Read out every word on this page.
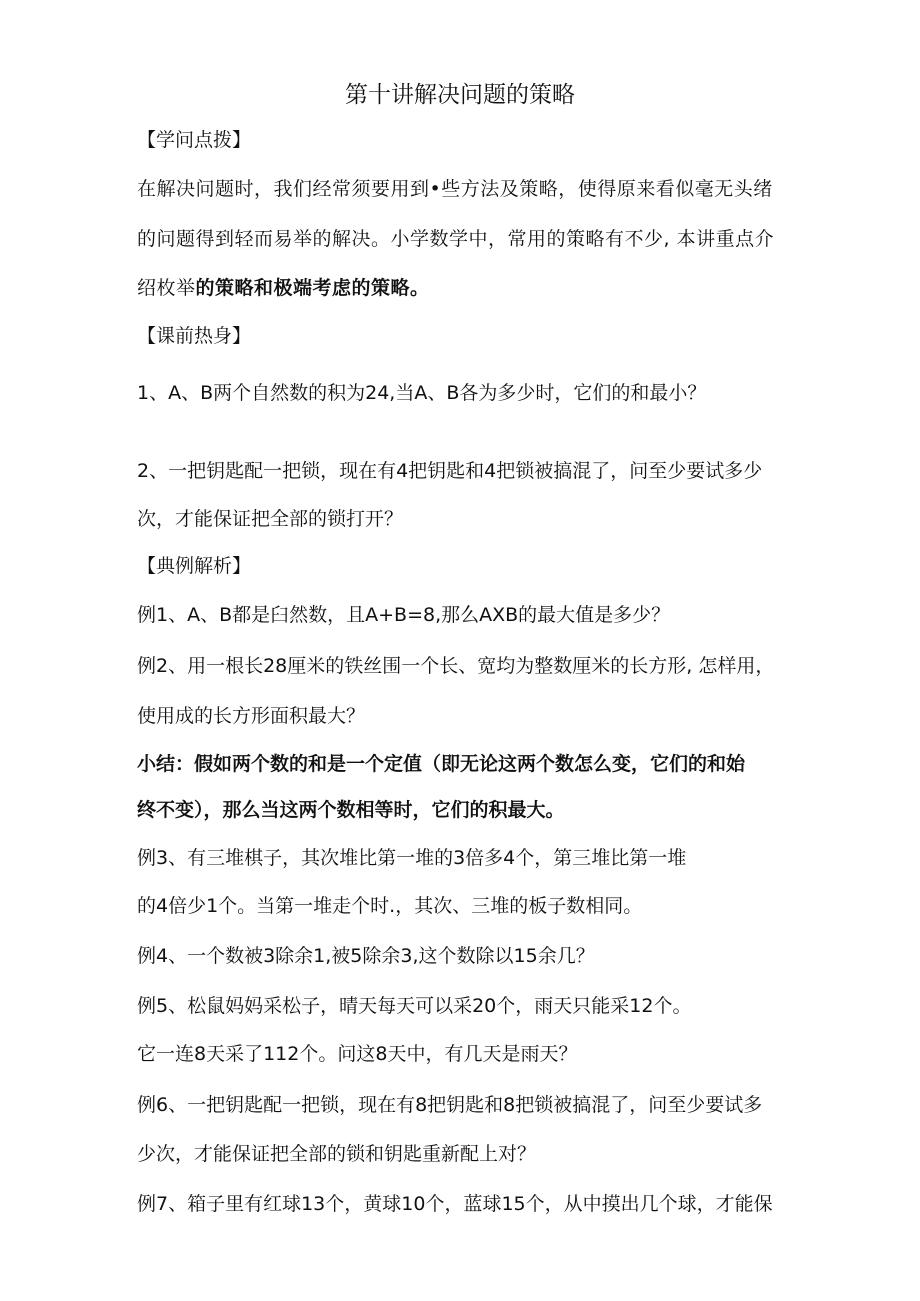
第十讲解决问题的策略
【学问点拨】
在解决问题时，我们经常须要用到•些方法及策略，使得原来看似毫无头绪
的问题得到轻而易举的解决。小学数学中，常用的策略有不少, 本讲重点介
绍枚举的策略和极端考虑的策略。
【课前热身】
1、A、B两个自然数的积为24,当A、B各为多少时，它们的和最小？
2、一把钥匙配一把锁，现在有4把钥匙和4把锁被搞混了，问至少要试多少
次，才能保证把全部的锁打开？
【典例解析】
例1、A、B都是臼然数，且A+B=8,那么AXB的最大值是多少？
例2、用一根长28厘米的铁丝围一个长、宽均为整数厘米的长方形, 怎样用，
使用成的长方形面积最大？
小结：假如两个数的和是一个定值（即无论这两个数怎么变，它们的和始
终不变），那么当这两个数相等时，它们的积最大。
例3、有三堆棋子，其次堆比第一堆的3倍多4个，第三堆比第一堆
的4倍少1个。当第一堆走个时.，其次、三堆的板子数相同。
例4、一个数被3除余1,被5除余3,这个数除以15余几？
例5、松鼠妈妈采松子，晴天每天可以采20个，雨天只能采12个。
它一连8天采了112个。问这8天中，有几天是雨天？
例6、一把钥匙配一把锁，现在有8把钥匙和8把锁被搞混了，问至少要试多
少次，才能保证把全部的锁和钥匙重新配上对？
例7、箱子里有红球13个，黄球10个，蓝球15个，从中摸出几个球，才能保
